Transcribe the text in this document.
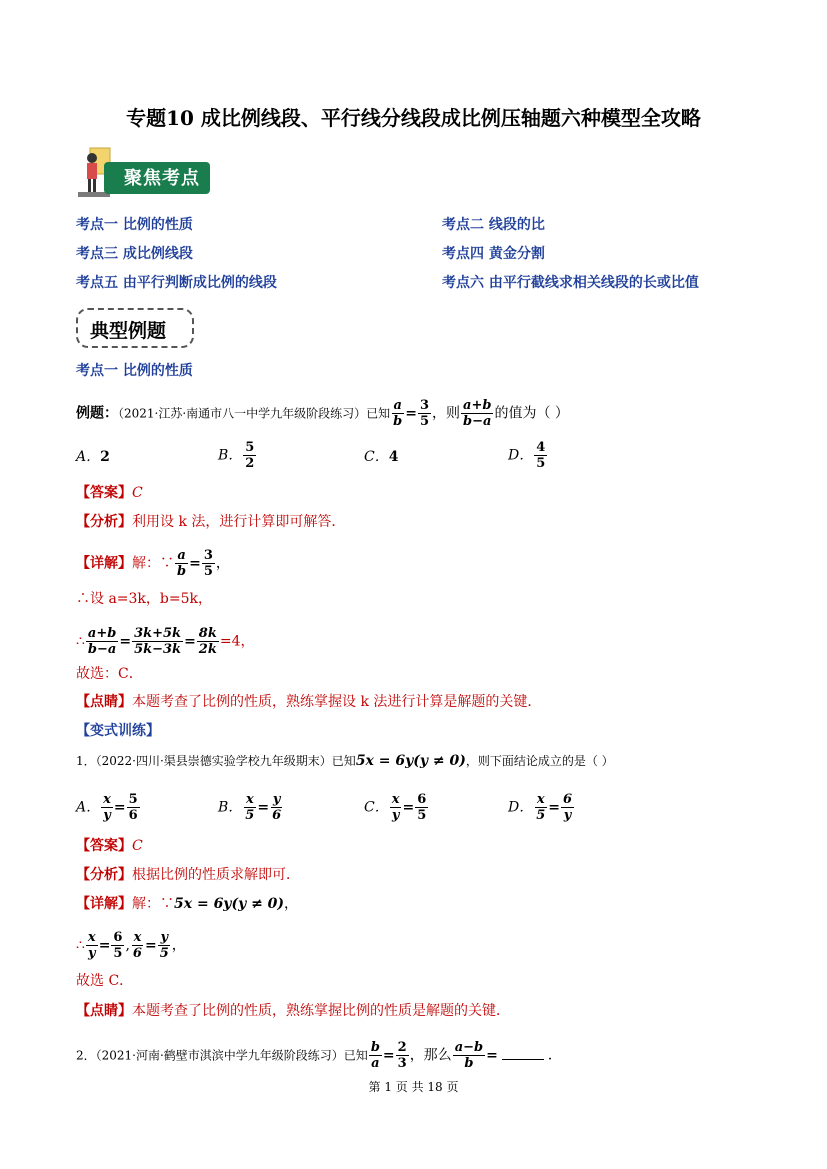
专题10 成比例线段、平行线分线段成比例压轴题六种模型全攻略
聚焦考点
考点一 比例的性质	考点二 线段的比
考点三 成比例线段	考点四 黄金分割
考点五 由平行判断成比例的线段	考点六 由平行截线求相关线段的长或比值
典型例题
考点一 比例的性质
例题：（2021·江苏·南通市八一中学九年级阶段练习）已知 $\frac{a}{b} = \frac{3}{5}$ ，则 $\frac{a+b}{b-a}$ 的值为（ ）
A．2	B． $\frac{5}{2}$	C．4	D． $\frac{4}{5}$
【答案】C
【分析】利用设 k 法，进行计算即可解答．
【详解】解：∵ $\frac{a}{b} = \frac{3}{5}$ ，
∴设 a=3k，b=5k，
∴ $\frac{a+b}{b-a} = \frac{3k+5k}{5k-3k} = \frac{8k}{2k} =4$，
故选：C．
【点睛】本题考查了比例的性质，熟练掌握设 k 法进行计算是解题的关键．
【变式训练】
1．（2022·四川·渠县崇德实验学校九年级期末）已知5x = 6y(y ≠ 0)，则下面结论成立的是（ ）
A． $\frac{x}{y} = \frac{5}{6}$	B． $\frac{x}{5} = \frac{y}{6}$	C． $\frac{x}{y} = \frac{6}{5}$	D． $\frac{x}{5} = \frac{6}{y}$
【答案】C
【分析】根据比例的性质求解即可．
【详解】解：∵5x = 6y(y ≠ 0)，
∴ $\frac{x}{y} = \frac{6}{5}$ , $\frac{x}{6} = \frac{y}{5}$ ，
故选 C．
【点睛】本题考查了比例的性质，熟练掌握比例的性质是解题的关键．
2．（2021·河南·鹤壁市淇滨中学九年级阶段练习）已知 $\frac{b}{a} = \frac{2}{3}$ ，那么 $\frac{a-b}{b}$ =	．
第 1 页 共 18 页
